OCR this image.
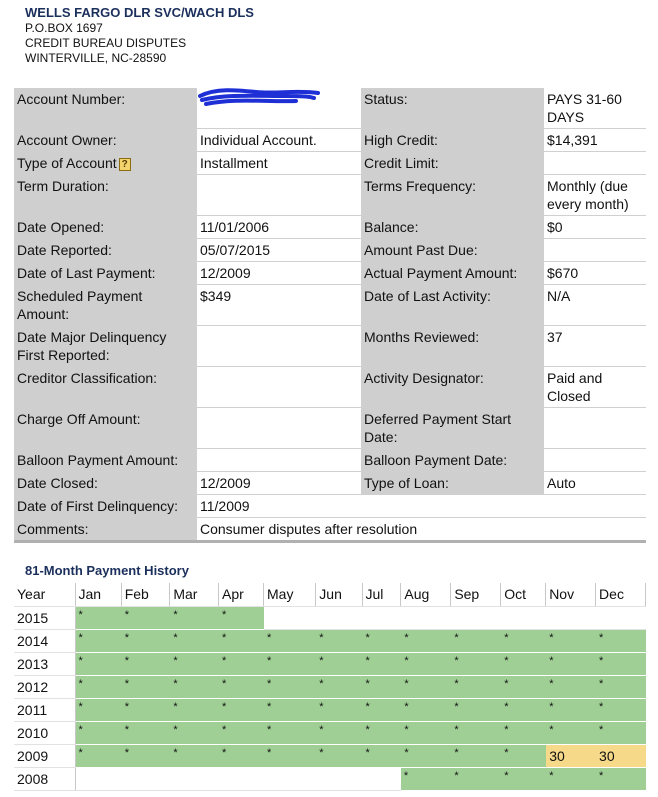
WELLS FARGO DLR SVC/WACH DLS
P.O.BOX 1697
CREDIT BUREAU DISPUTES
WINTERVILLE, NC-28590
Account Number:		Status:	PAYS 31-60 DAYS
Account Owner:	Individual Account.	High Credit:	$14,391
Type of Account ?	Installment	Credit Limit:	
Term Duration:		Terms Frequency:	Monthly (due every month)
Date Opened:	11/01/2006	Balance:	$0
Date Reported:	05/07/2015	Amount Past Due:	
Date of Last Payment:	12/2009	Actual Payment Amount:	$670
Scheduled Payment Amount:	$349	Date of Last Activity:	N/A
Date Major Delinquency First Reported:		Months Reviewed:	37
Creditor Classification:		Activity Designator:	Paid and Closed
Charge Off Amount:		Deferred Payment Start Date:	
Balloon Payment Amount:		Balloon Payment Date:	
Date Closed:	12/2009	Type of Loan:	Auto
Date of First Delinquency:	11/2009		
Comments:	Consumer disputes after resolution		
81-Month Payment History
Year	Jan	Feb	Mar	Apr	May	Jun	Jul	Aug	Sep	Oct	Nov	Dec
2015	*	*	*	*								
2014	*	*	*	*	*	*	*	*	*	*	*	*
2013	*	*	*	*	*	*	*	*	*	*	*	*
2012	*	*	*	*	*	*	*	*	*	*	*	*
2011	*	*	*	*	*	*	*	*	*	*	*	*
2010	*	*	*	*	*	*	*	*	*	*	*	*
2009	*	*	*	*	*	*	*	*	*	*	30	30
2008								*	*	*	*	*
